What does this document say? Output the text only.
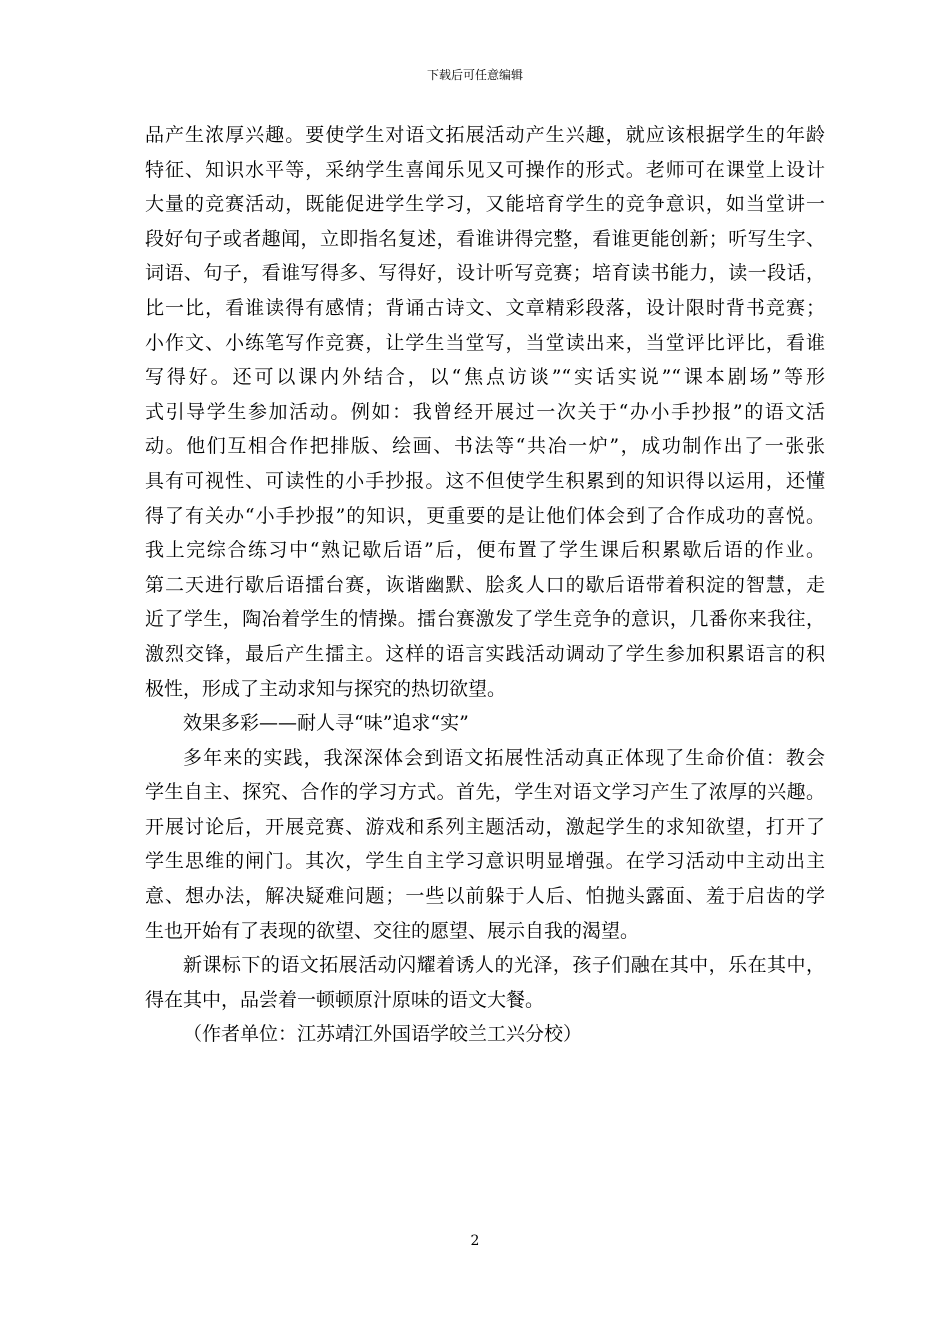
下载后可任意编辑
品产生浓厚兴趣。要使学生对语文拓展活动产生兴趣，就应该根据学生的年龄
特征、知识水平等，采纳学生喜闻乐见又可操作的形式。老师可在课堂上设计
大量的竞赛活动，既能促进学生学习，又能培育学生的竞争意识，如当堂讲一
段好句子或者趣闻，立即指名复述，看谁讲得完整，看谁更能创新；听写生字、
词语、句子，看谁写得多、写得好，设计听写竞赛；培育读书能力，读一段话，
比一比，看谁读得有感情；背诵古诗文、文章精彩段落，设计限时背书竞赛；
小作文、小练笔写作竞赛，让学生当堂写，当堂读出来，当堂评比评比，看谁
写得好。还可以课内外结合，以“焦点访谈”“实话实说”“课本剧场”等形
式引导学生参加活动。例如：我曾经开展过一次关于“办小手抄报”的语文活
动。他们互相合作把排版、绘画、书法等“共冶一炉”，成功制作出了一张张
具有可视性、可读性的小手抄报。这不但使学生积累到的知识得以运用，还懂
得了有关办“小手抄报”的知识，更重要的是让他们体会到了合作成功的喜悦。
我上完综合练习中“熟记歇后语”后，便布置了学生课后积累歇后语的作业。
第二天进行歇后语擂台赛，诙谐幽默、脍炙人口的歇后语带着积淀的智慧，走
近了学生，陶冶着学生的情操。擂台赛激发了学生竞争的意识，几番你来我往，
激烈交锋，最后产生擂主。这样的语言实践活动调动了学生参加积累语言的积
极性，形成了主动求知与探究的热切欲望。
效果多彩——耐人寻“味”追求“实”
多年来的实践，我深深体会到语文拓展性活动真正体现了生命价值：教会
学生自主、探究、合作的学习方式。首先，学生对语文学习产生了浓厚的兴趣。
开展讨论后，开展竞赛、游戏和系列主题活动，激起学生的求知欲望，打开了
学生思维的闸门。其次，学生自主学习意识明显增强。在学习活动中主动出主
意、想办法，解决疑难问题；一些以前躲于人后、怕抛头露面、羞于启齿的学
生也开始有了表现的欲望、交往的愿望、展示自我的渴望。
新课标下的语文拓展活动闪耀着诱人的光泽，孩子们融在其中，乐在其中，
得在其中，品尝着一顿顿原汁原味的语文大餐。
（作者单位：江苏靖江外国语学皎兰工兴分校）
2
